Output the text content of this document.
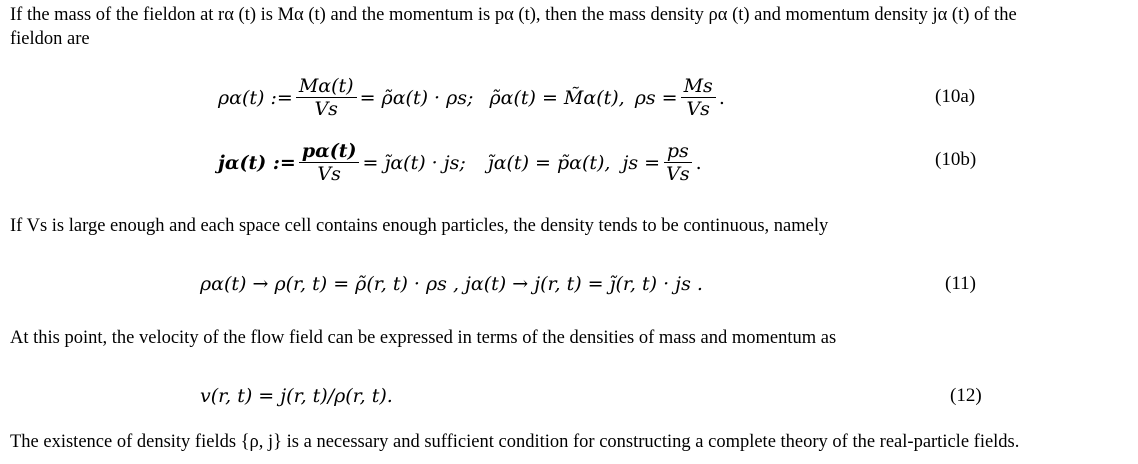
If the mass of the fieldon at rα (t) is Mα (t) and the momentum is pα (t), then the mass density ρα (t) and momentum density jα (t) of the
fieldon are
ρα(t) := $\frac{M\alpha(t)}{Vs}$ = ρ̃α(t) · ρs; ρ̃α(t) = M̃α(t), $\rho s = \frac{Ms}{Vs}$ .	(10a)
jα(t) := $\frac{p\alpha(t)}{Vs}$ = j̃α(t) · js; j̃α(t) = p̃α(t), js = $\frac{ps}{Vs}$ .	(10b)
If Vs is large enough and each space cell contains enough particles, the density tends to be continuous, namely
ρα(t) → ρ(r, t) = ρ̃(r, t) · ρs , jα(t) → j(r, t) = j̃(r, t) · js .	(11)
At this point, the velocity of the flow field can be expressed in terms of the densities of mass and momentum as
v(r, t) = j(r, t)/ρ(r, t).	(12)
The existence of density fields {ρ, j} is a necessary and sufficient condition for constructing a complete theory of the real-particle fields.
